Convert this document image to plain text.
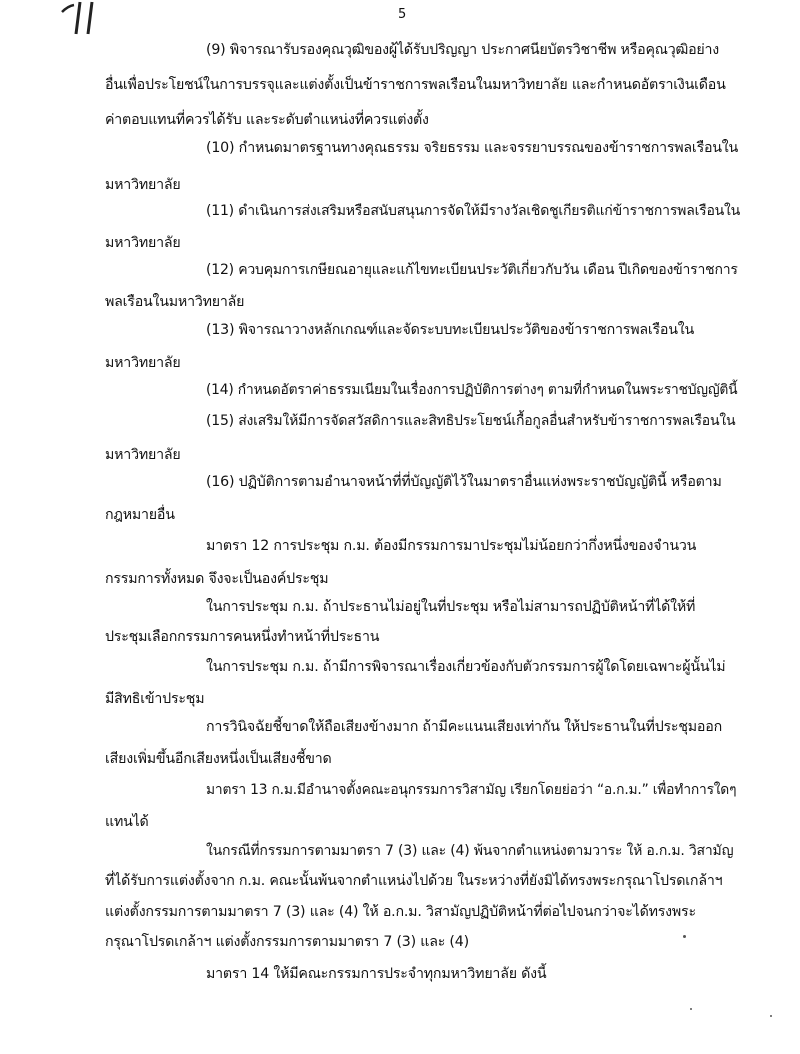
5
(9) พิจารณารับรองคุณวุฒิของผู้ได้รับปริญญา ประกาศนียบัตรวิชาชีพ หรือคุณวุฒิอย่าง
อื่นเพื่อประโยชน์ในการบรรจุและแต่งตั้งเป็นข้าราชการพลเรือนในมหาวิทยาลัย และกำหนดอัตราเงินเดือน
ค่าตอบแทนที่ควรได้รับ และระดับตำแหน่งที่ควรแต่งตั้ง
(10) กำหนดมาตรฐานทางคุณธรรม จริยธรรม และจรรยาบรรณของข้าราชการพลเรือนใน
มหาวิทยาลัย
(11) ดำเนินการส่งเสริมหรือสนับสนุนการจัดให้มีรางวัลเชิดชูเกียรติแก่ข้าราชการพลเรือนใน
มหาวิทยาลัย
(12) ควบคุมการเกษียณอายุและแก้ไขทะเบียนประวัติเกี่ยวกับวัน เดือน ปีเกิดของข้าราชการ
พลเรือนในมหาวิทยาลัย
(13) พิจารณาวางหลักเกณฑ์และจัดระบบทะเบียนประวัติของข้าราชการพลเรือนใน
มหาวิทยาลัย
(14) กำหนดอัตราค่าธรรมเนียมในเรื่องการปฏิบัติการต่างๆ ตามที่กำหนดในพระราชบัญญัตินี้
(15) ส่งเสริมให้มีการจัดสวัสดิการและสิทธิประโยชน์เกื้อกูลอื่นสำหรับข้าราชการพลเรือนใน
มหาวิทยาลัย
(16) ปฏิบัติการตามอำนาจหน้าที่ที่บัญญัติไว้ในมาตราอื่นแห่งพระราชบัญญัตินี้ หรือตาม
กฎหมายอื่น
มาตรา 12 การประชุม ก.ม. ต้องมีกรรมการมาประชุมไม่น้อยกว่ากึ่งหนึ่งของจำนวน
กรรมการทั้งหมด จึงจะเป็นองค์ประชุม
ในการประชุม ก.ม. ถ้าประธานไม่อยู่ในที่ประชุม หรือไม่สามารถปฏิบัติหน้าที่ได้ให้ที่
ประชุมเลือกกรรมการคนหนึ่งทำหน้าที่ประธาน
ในการประชุม ก.ม. ถ้ามีการพิจารณาเรื่องเกี่ยวข้องกับตัวกรรมการผู้ใดโดยเฉพาะผู้นั้นไม่
มีสิทธิเข้าประชุม
การวินิจฉัยชี้ขาดให้ถือเสียงข้างมาก ถ้ามีคะแนนเสียงเท่ากัน ให้ประธานในที่ประชุมออก
เสียงเพิ่มขึ้นอีกเสียงหนึ่งเป็นเสียงชี้ขาด
มาตรา 13 ก.ม.มีอำนาจตั้งคณะอนุกรรมการวิสามัญ เรียกโดยย่อว่า “อ.ก.ม.” เพื่อทำการใดๆ
แทนได้
ในกรณีที่กรรมการตามมาตรา 7 (3) และ (4) พ้นจากตำแหน่งตามวาระ ให้ อ.ก.ม. วิสามัญ
ที่ได้รับการแต่งตั้งจาก ก.ม. คณะนั้นพ้นจากตำแหน่งไปด้วย ในระหว่างที่ยังมิได้ทรงพระกรุณาโปรดเกล้าฯ
แต่งตั้งกรรมการตามมาตรา 7 (3) และ (4) ให้ อ.ก.ม. วิสามัญปฏิบัติหน้าที่ต่อไปจนกว่าจะได้ทรงพระ
กรุณาโปรดเกล้าฯ แต่งตั้งกรรมการตามมาตรา 7 (3) และ (4)
มาตรา 14 ให้มีคณะกรรมการประจำทุกมหาวิทยาลัย ดังนี้
